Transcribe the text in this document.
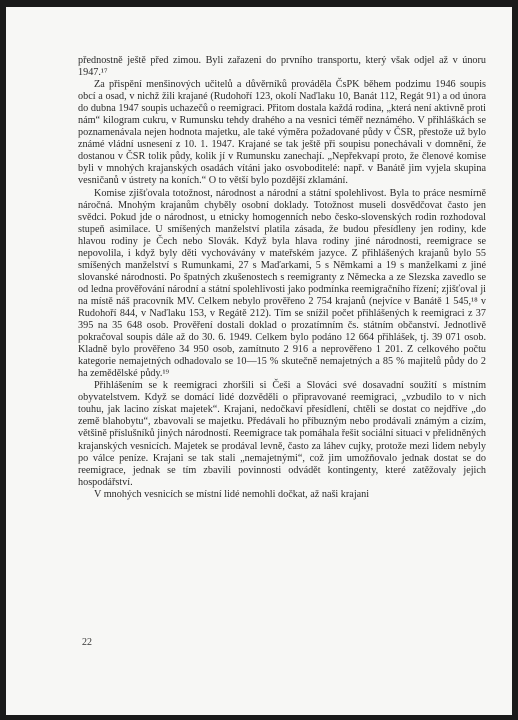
přednostně ještě před zimou. Byli zařazeni do prvního transportu, který však odjel až v únoru 1947.¹⁷

Za přispění menšinových učitelů a důvěrníků prováděla ČsPK během podzimu 1946 soupis obcí a osad, v nichž žili krajané (Rudohoří 123, okolí Naďlaku 10, Banát 112, Regát 91) a od února do dubna 1947 soupis uchazečů o reemigraci. Přitom dostala každá rodina, „která není aktivně proti nám“ kilogram cukru, v Rumunsku tehdy drahého a na vesnici téměř neznámého. V přihláškách se poznamenávala nejen hodnota majetku, ale také výměra požadované půdy v ČSR, přestože už bylo známé vládní usnesení z 10. 1. 1947. Krajané se tak ještě při soupisu ponechávali v domnění, že dostanou v ČSR tolik půdy, kolik jí v Rumunsku zanechají. „Nepřekvapí proto, že členové komise byli v mnohých krajanských osadách vítáni jako osvoboditelé: např. v Banátě jim vyjela skupina vesničanů v ústrety na koních.“ O to větší bylo pozdější zklamání.

Komise zjišťovala totožnost, národnost a národní a státní spolehlivost. Byla to práce nesmírně náročná. Mnohým krajanům chyběly osobní doklady. Totožnost museli dosvědčovat často jen svědci. Pokud jde o národnost, u etnicky homogenních nebo česko-slovenských rodin rozhodoval stupeň asimilace. U smíšených manželství platila zásada, že budou přesídleny jen rodiny, kde hlavou rodiny je Čech nebo Slovák. Když byla hlava rodiny jiné národnosti, reemigrace se nepovolila, i když byly děti vychovávány v mateřském jazyce. Z přihlášených krajanů bylo 55 smíšených manželství s Rumunkami, 27 s Maďarkami, 5 s Němkami a 19 s manželkami z jiné slovanské národnosti. Po špatných zkušenostech s reemigranty z Německa a ze Slezska zavedlo se od ledna prověřování národní a státní spolehlivosti jako podmínka reemigračního řízení; zjišťoval ji na místě náš pracovník MV. Celkem nebylo prověřeno 2 754 krajanů (nejvíce v Banátě 1 545,¹⁸ v Rudohoří 844, v Naďlaku 153, v Regátě 212). Tím se snížil počet přihlášených k reemigraci z 37 395 na 35 648 osob. Prověření dostali doklad o prozatímním čs. státním občanství. Jednotlivě pokračoval soupis dále až do 30. 6. 1949. Celkem bylo podáno 12 664 přihlášek, tj. 39 071 osob. Kladně bylo prověřeno 34 950 osob, zamítnuto 2 916 a neprověřeno 1 201. Z celkového počtu kategorie nemajetných odhadovalo se 10—15 % skutečně nemajetných a 85 % majitelů půdy do 2 ha zemědělské půdy.¹⁹

Přihlášením se k reemigraci zhoršili si Češi a Slováci své dosavadní soužití s místním obyvatelstvem. Když se domácí lidé dozvěděli o připravované reemigraci, „vzbudilo to v nich touhu, jak lacino získat majetek“. Krajani, nedočkaví přesídlení, chtěli se dostat co nejdříve „do země blahobytu“, zbavovali se majetku. Předávali ho příbuzným nebo prodávali známým a cizím, většině příslušníků jiných národností. Reemigrace tak pomáhala řešit sociální situaci v přelidněných krajanských vesnicích. Majetek se prodával levně, často za láhev cujky, protože mezi lidem nebyly po válce peníze. Krajani se tak stali „nemajetnými“, což jim umožňovalo jednak dostat se do reemigrace, jednak se tím zbavili povinnosti odvádět kontingenty, které zatěžovaly jejich hospodářství.

V mnohých vesnicích se místní lidé nemohli dočkat, až naši krajani

22
